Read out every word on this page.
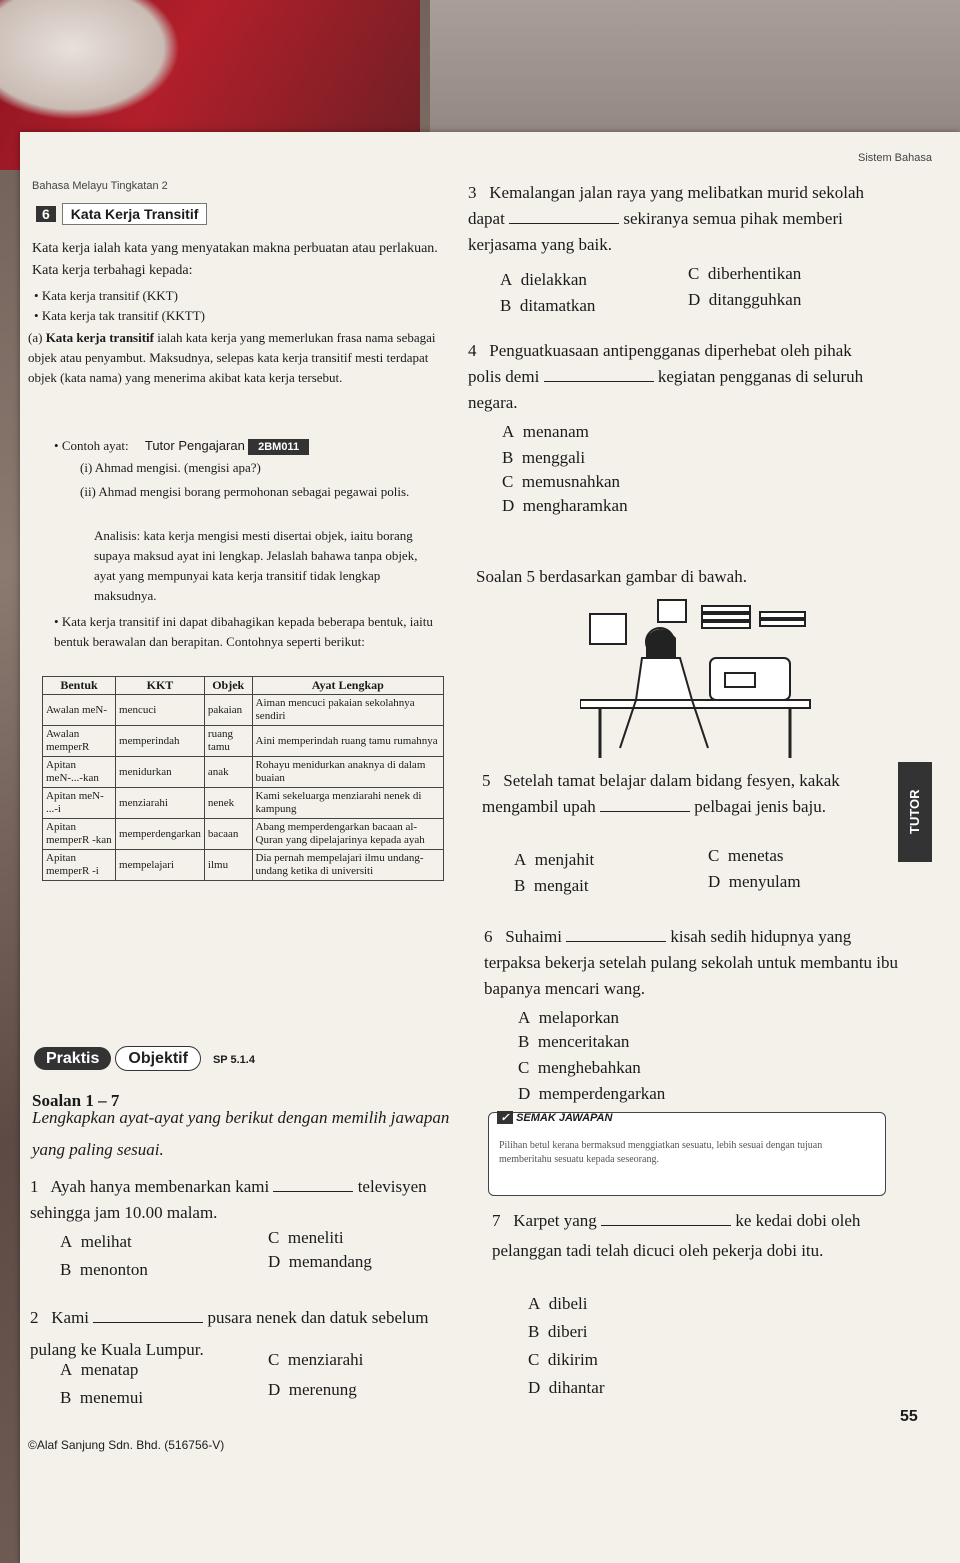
Bahasa Melayu Tingkatan 2
Sistem Bahasa
6 Kata Kerja Transitif
Kata kerja ialah kata yang menyatakan makna perbuatan atau perlakuan. Kata kerja terbahagi kepada:
• Kata kerja transitif (KKT)
• Kata kerja tak transitif (KKTT)
(a) Kata kerja transitif ialah kata kerja yang memerlukan frasa nama sebagai objek atau penyambut. Maksudnya, selepas kata kerja transitif mesti terdapat objek (kata nama) yang menerima akibat kata kerja tersebut.
• Contoh ayat: Tutor Pengajaran 2BM011
(i) Ahmad mengisi. (mengisi apa?)
(ii) Ahmad mengisi borang permohonan sebagai pegawai polis.
Analisis: kata kerja mengisi mesti disertai objek, iaitu borang supaya maksud ayat ini lengkap. Jelaslah bahawa tanpa objek, ayat yang mempunyai kata kerja transitif tidak lengkap maksudnya.
• Kata kerja transitif ini dapat dibahagikan kepada beberapa bentuk, iaitu bentuk berawalan dan berapitan. Contohnya seperti berikut:
Bentuk	KKT	Objek	Ayat Lengkap
Awalan meN-	mencuci	pakaian	Aiman mencuci pakaian sekolahnya sendiri
Awalan memperR	memperindah	ruang tamu	Aini memperindah ruang tamu rumahnya
Apitan meN-...-kan	menidurkan	anak	Rohayu menidurkan anaknya di dalam buaian
Apitan meN- ...-i	menziarahi	nenek	Kami sekeluarga menziarahi nenek di kampung
Apitan memperR -kan	memperdengarkan	bacaan	Abang memperdengarkan bacaan al-Quran yang dipelajarinya kepada ayah
Apitan memperR -i	mempelajari	ilmu	Dia pernah mempelajari ilmu undang-undang ketika di universiti
Praktis Objektif SP 5.1.4
Soalan 1 – 7
Lengkapkan ayat-ayat yang berikut dengan memilih jawapan yang paling sesuai.
1 Ayah hanya membenarkan kami	televisyen sehingga jam 10.00 malam.
A  melihat	C  meneliti
B  menonton	D  memandang
2 Kami	pusara nenek dan datuk sebelum pulang ke Kuala Lumpur.
A  menatap
C  menziarahi
B  menemui	D  merenung
©Alaf Sanjung Sdn. Bhd. (516756-V)
3 Kemalangan jalan raya yang melibatkan murid sekolah dapat	sekiranya semua pihak memberi kerjasama yang baik.
A  dielakkan	C  diberhentikan
B  ditamatkan	D  ditangguhkan
4 Penguatkuasaan antipengganas diperhebat oleh pihak polis demi	kegiatan pengganas di seluruh negara.
A  menanam
B  menggali
C  memusnahkan
D  mengharamkan
Soalan 5 berdasarkan gambar di bawah.
5 Setelah tamat belajar dalam bidang fesyen, kakak mengambil upah	pelbagai jenis baju.
A  menjahit	C  menetas
B  mengait	D  menyulam
6 Suhaimi	kisah sedih hidupnya yang terpaksa bekerja setelah pulang sekolah untuk membantu ibu bapanya mencari wang.
A  melaporkan
B  menceritakan
C  menghebahkan
D  memperdengarkan
✓ SEMAK JAWAPAN
Pilihan betul kerana bermaksud menggiatkan sesuatu, lebih sesuai dengan tujuan memberitahu sesuatu kepada seseorang.
7 Karpet yang	ke kedai dobi oleh pelanggan tadi telah dicuci oleh pekerja dobi itu.
A  dibeli
B  diberi
C  dikirim
D  dihantar
55
TUTOR
